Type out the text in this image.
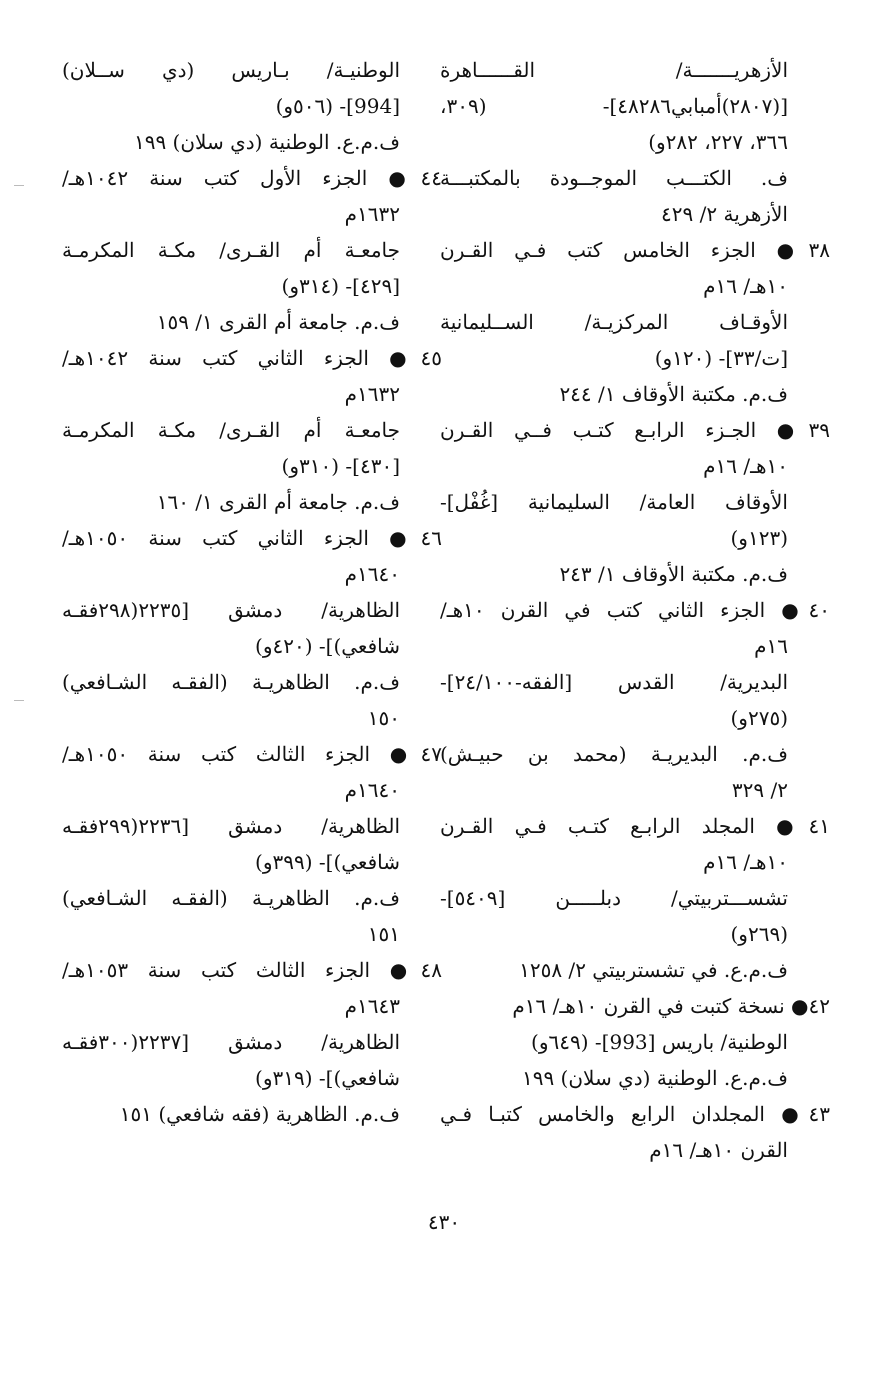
الأزهريـــــــة/ القــــــاهرة
[(٢٨٠٧)أمبابي٤٨٢٨٦]- (٣٠٩،
٣٦٦، ٢٢٧، ٢٨٢و)
ف. الكتـــب الموجــودة بالمكتبـــة
الأزهرية ٢/ ٤٢٩
٣٨● الجزء الخامس كتب فـي القـرن
١٠هـ/ ١٦م
الأوقـاف المركزيـة/ الســليمانية
[ت/٣٣]- (١٢٠و)
ف.م. مكتبة الأوقاف ١/ ٢٤٤
٣٩● الجـزء الرابـع كتـب فــي القـرن
١٠هـ/ ١٦م
الأوقاف العامة/ السليمانية [غُفْل]-
(١٢٣و)
ف.م. مكتبة الأوقاف ١/ ٢٤٣
٤٠● الجزء الثاني كتب في القرن ١٠هـ/
١٦م
البديرية/ القدس [الفقه-٢٤/١٠٠]-
(٢٧٥و)
ف.م. البديريـة (محمد بن حبيـش)
٢/ ٣٢٩
٤١● المجلد الرابـع كتـب فـي القـرن
١٠هـ/ ١٦م
تشســـتربيتي/ دبلـــــن [٥٤٠٩]-
(٢٦٩و)
ف.م.ع. في تشستربيتي ٢/ ١٢٥٨
٤٢● نسخة كتبت في القرن ١٠هـ/ ١٦م
الوطنية/ باريس [993]- (٦٤٩و)
ف.م.ع. الوطنية (دي سلان) ١٩٩
٤٣● المجلدان الرابع والخامس كتبـا فـي
القرن ١٠هـ/ ١٦م
الوطنيـة/ بـاريس (دي ســلان)
[994]- (٥٠٦و)
ف.م.ع. الوطنية (دي سلان) ١٩٩
٤٤● الجزء الأول كتب سنة ١٠٤٢هـ/
١٦٣٢م
جامعـة أم القـرى/ مكـة المكرمـة
[٤٢٩]- (٣١٤و)
ف.م. جامعة أم القرى ١/ ١٥٩
٤٥● الجزء الثاني كتب سنة ١٠٤٢هـ/
١٦٣٢م
جامعـة أم القـرى/ مكـة المكرمـة
[٤٣٠]- (٣١٠و)
ف.م. جامعة أم القرى ١/ ١٦٠
٤٦● الجزء الثاني كتب سنة ١٠٥٠هـ/
١٦٤٠م
الظاهرية/ دمشق [٢٢٣٥(٢٩٨فقـه
شافعي)]- (٤٢٠و)
ف.م. الظاهريـة (الفقـه الشـافعي)
١٥٠
٤٧● الجزء الثالث كتب سنة ١٠٥٠هـ/
١٦٤٠م
الظاهرية/ دمشق [٢٢٣٦(٢٩٩فقـه
شافعي)]- (٣٩٩و)
ف.م. الظاهريـة (الفقـه الشـافعي)
١٥١
٤٨● الجزء الثالث كتب سنة ١٠٥٣هـ/
١٦٤٣م
الظاهرية/ دمشق [٢٢٣٧(٣٠٠فقـه
شافعي)]- (٣١٩و)
ف.م. الظاهرية (فقه شافعي) ١٥١
٤٣٠
